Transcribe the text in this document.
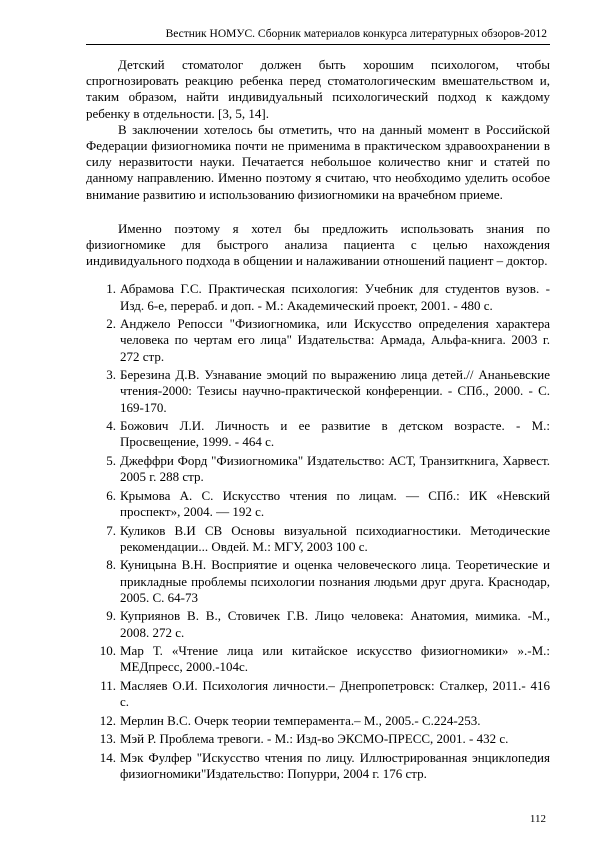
Вестник НОМУС. Сборник материалов конкурса литературных обзоров-2012

Детский стоматолог должен быть хорошим психологом, чтобы спрогнозировать реакцию ребенка перед стоматологическим вмешательством и, таким образом, найти индивидуальный психологический подход к каждому ребенку в отдельности. [3, 5, 14].

В заключении хотелось бы отметить, что на данный момент в Российской Федерации физиогномика почти не применима в практическом здравоохранении в силу неразвитости науки. Печатается небольшое количество книг и статей по данному направлению. Именно поэтому я считаю, что необходимо уделить особое внимание развитию и использованию физиогномики на врачебном приеме.

Именно поэтому я хотел бы предложить использовать знания по физиогномике для быстрого анализа пациента с целью нахождения индивидуального подхода в общении и налаживании отношений пациент – доктор.

1. Абрамова Г.С. Практическая психология: Учебник для студентов вузов. - Изд. 6-е, перераб. и доп. - М.: Академический проект, 2001. - 480 с.
2. Анджело Репосси "Физиогномика, или Искусство определения характера человека по чертам его лица" Издательства: Армада, Альфа-книга. 2003 г. 272 стр.
3. Березина Д.В. Узнавание эмоций по выражению лица детей.// Ананьевские чтения-2000: Тезисы научно-практической конференции. - СПб., 2000. - С. 169-170.
4. Божович Л.И. Личность и ее развитие в детском возрасте. - М.: Просвещение, 1999. - 464 с.
5. Джеффри Форд "Физиогномика" Издательство: АСТ, Транзиткнига, Харвест. 2005 г. 288 стр.
6. Крымова А. С. Искусство чтения по лицам. — СПб.: ИК «Невский проспект», 2004. — 192 с.
7. Куликов В.И СВ Основы визуальной психодиагностики. Методические рекомендации... Овдей. М.: МГУ, 2003 100 с.
8. Куницына В.Н. Восприятие и оценка человеческого лица. Теоретические и прикладные проблемы психологии познания людьми друг друга. Краснодар, 2005. С. 64-73
9. Куприянов В. В., Стовичек Г.В. Лицо человека: Анатомия, мимика. -М., 2008. 272 с.
10. Мар Т. «Чтение лица или китайское искусство физиогномики» ».-М.: МЕДпресс, 2000.-104с.
11. Масляев О.И. Психология личности.– Днепропетровск: Сталкер, 2011.- 416 с.
12. Мерлин В.С. Очерк теории темперамента.– М., 2005.- С.224-253.
13. Мэй Р. Проблема тревоги. - М.: Изд-во ЭКСМО-ПРЕСС, 2001. - 432 с.
14. Мэк Фулфер "Искусство чтения по лицу. Иллюстрированная энциклопедия физиогномики"Издательство: Попурри, 2004 г. 176 стр.
112
